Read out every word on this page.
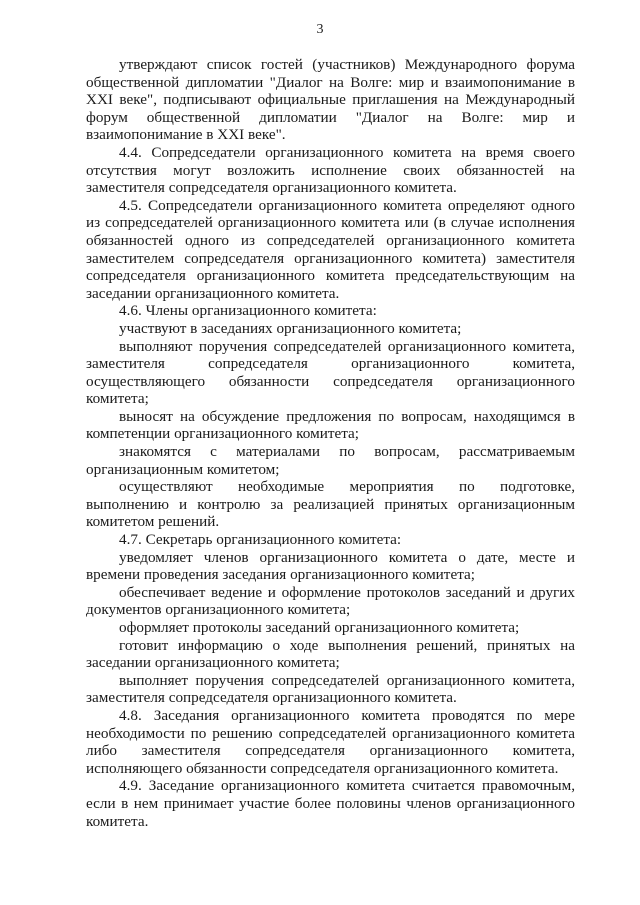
3

утверждают список гостей (участников) Международного форума общественной дипломатии "Диалог на Волге: мир и взаимопонимание в XXI веке", подписывают официальные приглашения на Международный форум общественной дипломатии "Диалог на Волге: мир и взаимопонимание в XXI веке".

4.4. Сопредседатели организационного комитета на время своего отсутствия могут возложить исполнение своих обязанностей на заместителя сопредседателя организационного комитета.

4.5. Сопредседатели организационного комитета определяют одного из сопредседателей организационного комитета или (в случае исполнения обязанностей одного из сопредседателей организационного комитета заместителем сопредседателя организационного комитета) заместителя сопредседателя организационного комитета председательствующим на заседании организационного комитета.

4.6. Члены организационного комитета:

участвуют в заседаниях организационного комитета;

выполняют поручения сопредседателей организационного комитета, заместителя сопредседателя организационного комитета, осуществляющего обязанности сопредседателя организационного комитета;

выносят на обсуждение предложения по вопросам, находящимся в компетенции организационного комитета;

знакомятся с материалами по вопросам, рассматриваемым организационным комитетом;

осуществляют необходимые мероприятия по подготовке, выполнению и контролю за реализацией принятых организационным комитетом решений.

4.7. Секретарь организационного комитета:

уведомляет членов организационного комитета о дате, месте и времени проведения заседания организационного комитета;

обеспечивает ведение и оформление протоколов заседаний и других документов организационного комитета;

оформляет протоколы заседаний организационного комитета;

готовит информацию о ходе выполнения решений, принятых на заседании организационного комитета;

выполняет поручения сопредседателей организационного комитета, заместителя сопредседателя организационного комитета.

4.8. Заседания организационного комитета проводятся по мере необходимости по решению сопредседателей организационного комитета либо заместителя сопредседателя организационного комитета, исполняющего обязанности сопредседателя организационного комитета.

4.9. Заседание организационного комитета считается правомочным, если в нем принимает участие более половины членов организационного комитета.
